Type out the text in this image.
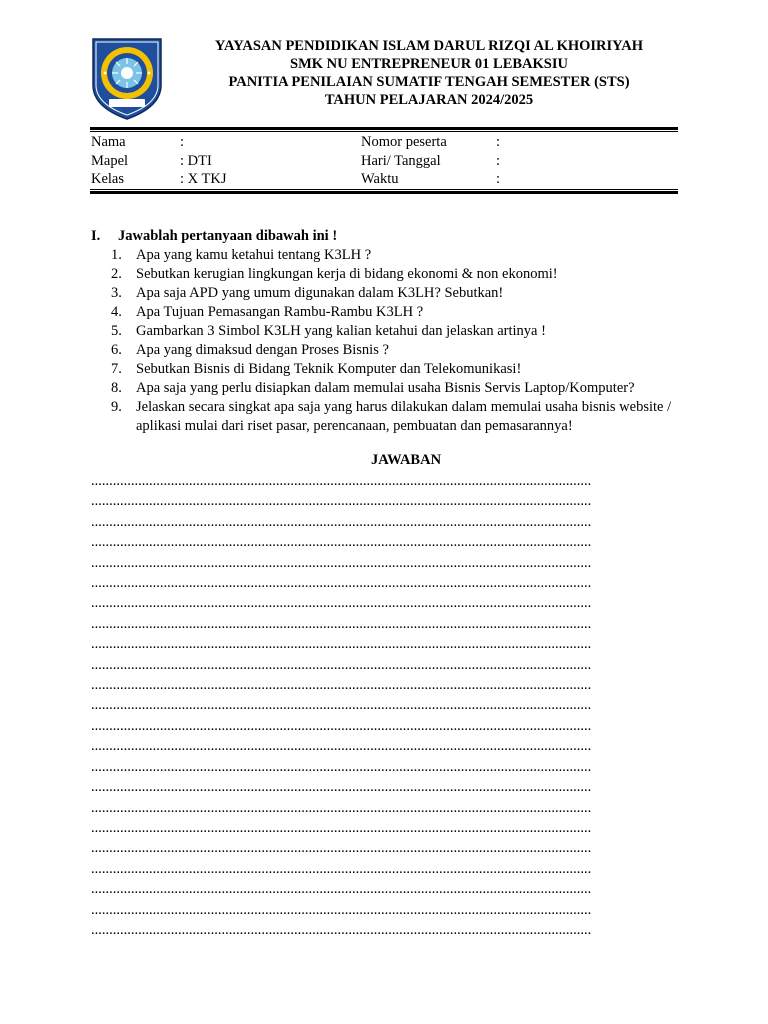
YAYASAN PENDIDIKAN ISLAM DARUL RIZQI AL KHOIRIYAH
SMK NU ENTREPRENEUR 01 LEBAKSIU
PANITIA PENILAIAN SUMATIF TENGAH SEMESTER (STS)
TAHUN PELAJARAN 2024/2025
Nama	:	Nomor peserta	:
Mapel	: DTI	Hari/ Tanggal	:
Kelas	: X TKJ	Waktu	:
I. Jawablah pertanyaan dibawah ini !
1. Apa yang kamu ketahui tentang K3LH ?
2. Sebutkan kerugian lingkungan kerja di bidang ekonomi & non ekonomi!
3. Apa saja APD yang umum digunakan dalam K3LH? Sebutkan!
4. Apa Tujuan Pemasangan Rambu-Rambu K3LH ?
5. Gambarkan 3 Simbol K3LH yang kalian ketahui dan jelaskan artinya !
6. Apa yang dimaksud dengan Proses Bisnis ?
7. Sebutkan Bisnis di Bidang Teknik Komputer dan Telekomunikasi!
8. Apa saja yang perlu disiapkan dalam memulai usaha Bisnis Servis Laptop/Komputer?
9. Jelaskan secara singkat apa saja yang harus dilakukan dalam memulai usaha bisnis website / aplikasi mulai dari riset pasar, perencanaan, pembuatan dan pemasarannya!
JAWABAN
..........................................................................................................................................
..........................................................................................................................................
..........................................................................................................................................
..........................................................................................................................................
..........................................................................................................................................
..........................................................................................................................................
..........................................................................................................................................
..........................................................................................................................................
..........................................................................................................................................
..........................................................................................................................................
..........................................................................................................................................
..........................................................................................................................................
..........................................................................................................................................
..........................................................................................................................................
..........................................................................................................................................
..........................................................................................................................................
..........................................................................................................................................
..........................................................................................................................................
..........................................................................................................................................
..........................................................................................................................................
..........................................................................................................................................
..........................................................................................................................................
..........................................................................................................................................
